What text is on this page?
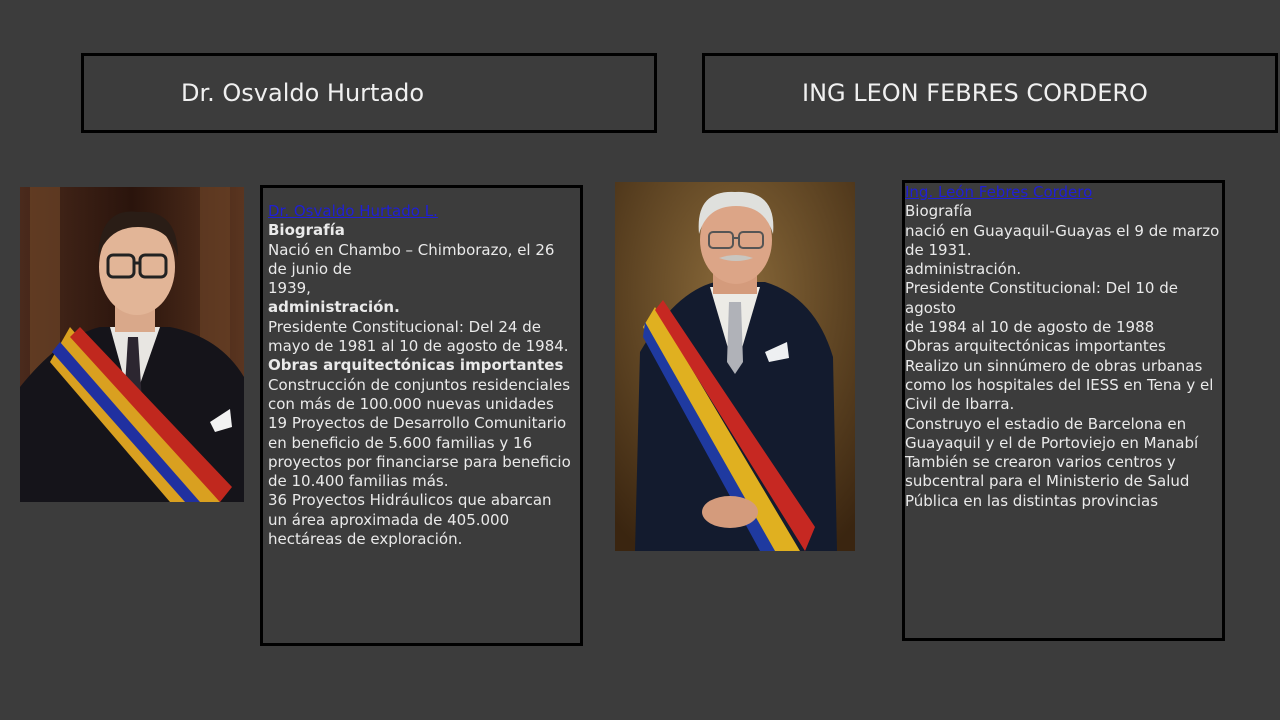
Dr. Osvaldo Hurtado	ING LEON FEBRES CORDERO

Dr. Osvaldo Hurtado L.

Biografía

Nació en Chambo – Chimborazo, el 26 de junio de
1939,

administración.

Presidente Constitucional: Del 24 de mayo de 1981 al 10 de agosto de 1984.

Obras arquitectónicas importantes

Construcción de conjuntos residenciales con más de 100.000 nuevas unidades
19 Proyectos de Desarrollo Comunitario en beneficio de 5.600 familias y 16 proyectos por financiarse para beneficio de 10.400 familias más.
36 Proyectos Hidráulicos que abarcan un área aproximada de 405.000 hectáreas de exploración.

Ing. León Febres Cordero

Biografía
nació en Guayaquil-Guayas el 9 de marzo de 1931.
administración.
Presidente Constitucional: Del 10 de agosto
de 1984 al 10 de agosto de 1988
Obras arquitectónicas importantes
Realizo un sinnúmero de obras urbanas como los hospitales del IESS en Tena y el Civil de Ibarra.
Construyo el estadio de Barcelona en Guayaquil y el de Portoviejo en Manabí
También se crearon varios centros y subcentral para el Ministerio de Salud Pública en las distintas provincias
